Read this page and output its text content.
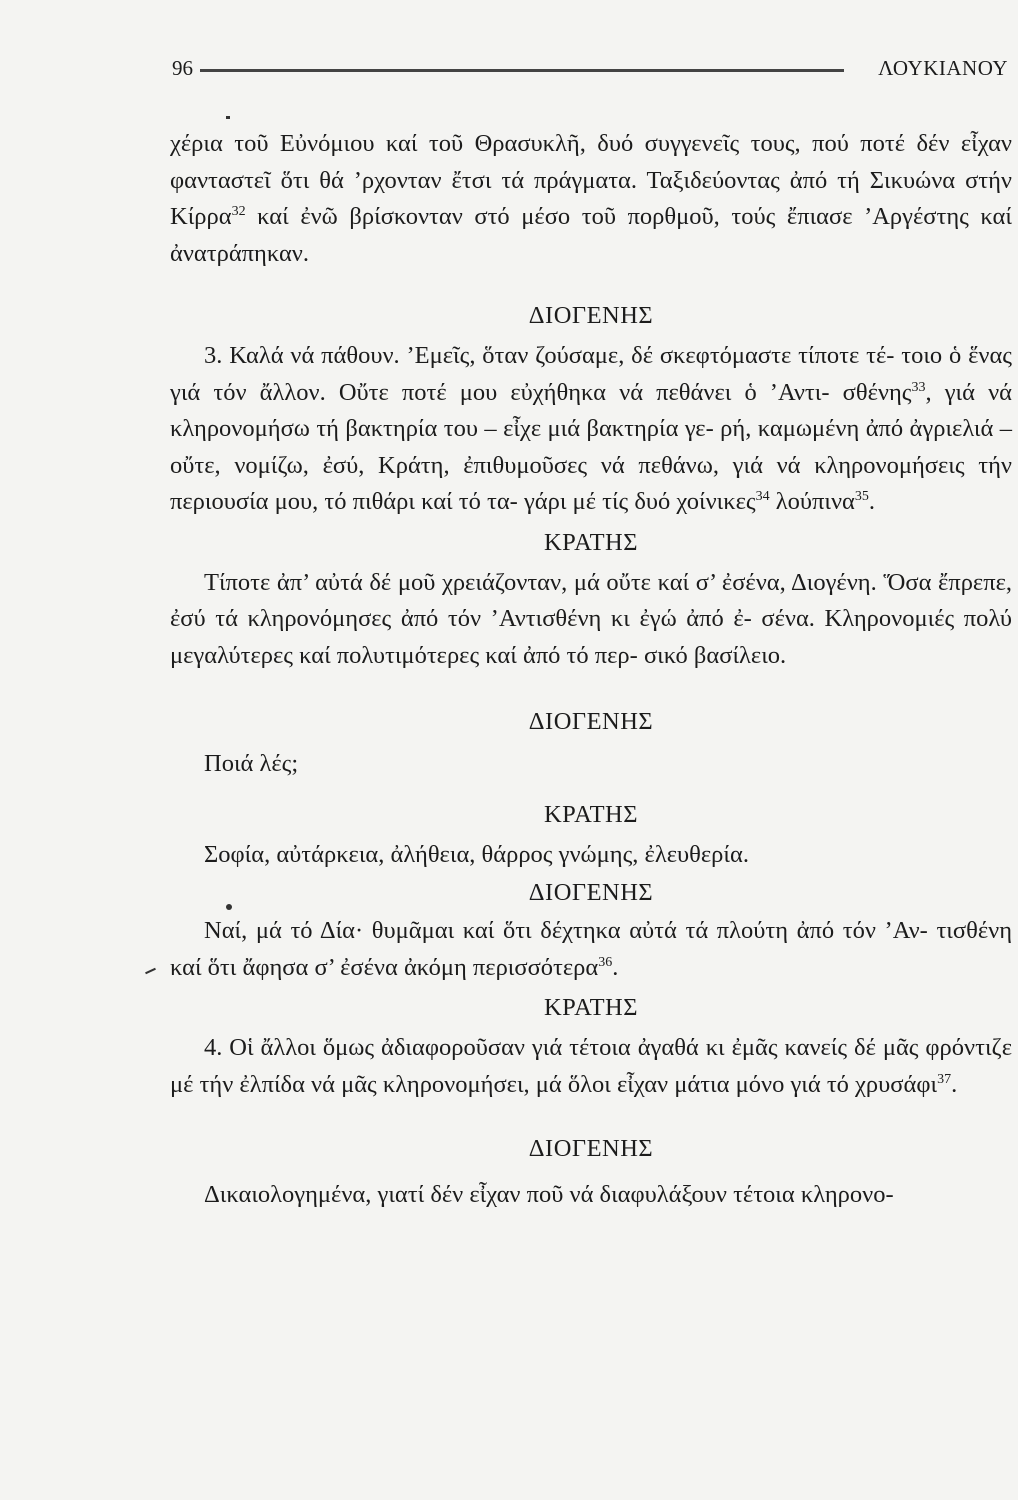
96	ΛΟΥΚΙΑΝΟΥ

χέρια τοῦ Εὐνόμιου καί τοῦ Θρασυκλῆ, δυό συγγενεῖς τους, πού ποτέ δέν εἶχαν φανταστεῖ ὅτι θά ’ρχονταν ἔτσι τά πράγματα. Ταξιδεύοντας ἀπό τή Σικυώνα στήν Κίρρα$^{32}$ καί ἐνῶ βρίσκονταν στό μέσο τοῦ πορθμοῦ, τούς ἔπιασε ’Αργέστης καί ἀνατράπηκαν.

ΔΙΟΓΕΝΗΣ

3. Καλά νά πάθουν. ’Εμεῖς, ὅταν ζούσαμε, δέ σκεφτόμαστε τίποτε τέ- τοιο ὁ ἕνας γιά τόν ἄλλον. Οὔτε ποτέ μου εὐχήθηκα νά πεθάνει ὁ ’Αντι- σθένης$^{33}$, γιά νά κληρονομήσω τή βακτηρία του – εἶχε μιά βακτηρία γε- ρή, καμωμένη ἀπό ἀγριελιά – οὔτε, νομίζω, ἐσύ, Κράτη, ἐπιθυμοῦσες νά πεθάνω, γιά νά κληρονομήσεις τήν περιουσία μου, τό πιθάρι καί τό τα- γάρι μέ τίς δυό χοίνικες$^{34}$ λούπινα$^{35}$.

ΚΡΑΤΗΣ

Τίποτε ἀπ’ αὐτά δέ μοῦ χρειάζονταν, μά οὔτε καί σ’ ἐσένα, Διογένη. Ὅσα ἔπρεπε, ἐσύ τά κληρονόμησες ἀπό τόν ’Αντισθένη κι ἐγώ ἀπό ἐ- σένα. Κληρονομιές πολύ μεγαλύτερες καί πολυτιμότερες καί ἀπό τό περ- σικό βασίλειο.

ΔΙΟΓΕΝΗΣ

Ποιά λές;

ΚΡΑΤΗΣ

Σοφία, αὐτάρκεια, ἀλήθεια, θάρρος γνώμης, ἐλευθερία.

ΔΙΟΓΕΝΗΣ

Ναί, μά τό Δία· θυμᾶμαι καί ὅτι δέχτηκα αὐτά τά πλούτη ἀπό τόν ’Αν- τισθένη καί ὅτι ἄφησα σ’ ἐσένα ἀκόμη περισσότερα$^{36}$.

ΚΡΑΤΗΣ

4. Οἱ ἄλλοι ὅμως ἀδιαφοροῦσαν γιά τέτοια ἀγαθά κι ἐμᾶς κανείς δέ μᾶς φρόντιζε μέ τήν ἐλπίδα νά μᾶς κληρονομήσει, μά ὅλοι εἶχαν μάτια μόνο γιά τό χρυσάφι$^{37}$.

ΔΙΟΓΕΝΗΣ

Δικαιολογημένα, γιατί δέν εἶχαν ποῦ νά διαφυλάξουν τέτοια κληρονο-
